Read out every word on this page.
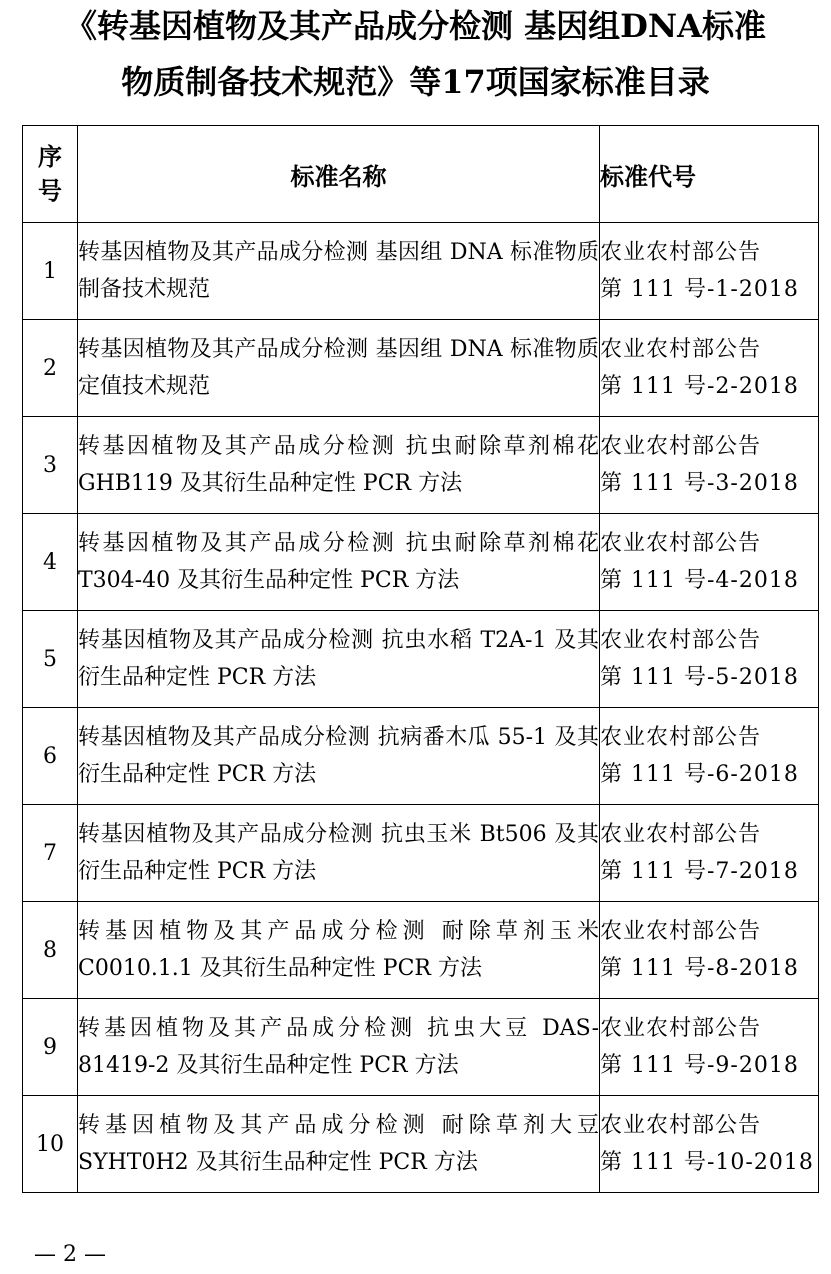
《转基因植物及其产品成分检测 基因组DNA标准
物质制备技术规范》等17项国家标准目录
序号	标准名称	标准代号
1	转基因植物及其产品成分检测 基因组 DNA 标准物质制备技术规范	农业农村部公告
第 111 号-1-2018
2	转基因植物及其产品成分检测 基因组 DNA 标准物质定值技术规范	农业农村部公告
第 111 号-2-2018
3	转基因植物及其产品成分检测 抗虫耐除草剂棉花 GHB119 及其衍生品种定性 PCR 方法	农业农村部公告
第 111 号-3-2018
4	转基因植物及其产品成分检测 抗虫耐除草剂棉花 T304-40 及其衍生品种定性 PCR 方法	农业农村部公告
第 111 号-4-2018
5	转基因植物及其产品成分检测 抗虫水稻 T2A-1 及其衍生品种定性 PCR 方法	农业农村部公告
第 111 号-5-2018
6	转基因植物及其产品成分检测 抗病番木瓜 55-1 及其衍生品种定性 PCR 方法	农业农村部公告
第 111 号-6-2018
7	转基因植物及其产品成分检测 抗虫玉米 Bt506 及其衍生品种定性 PCR 方法	农业农村部公告
第 111 号-7-2018
8	转基因植物及其产品成分检测 耐除草剂玉米 C0010.1.1 及其衍生品种定性 PCR 方法	农业农村部公告
第 111 号-8-2018
9	转基因植物及其产品成分检测 抗虫大豆 DAS-81419-2 及其衍生品种定性 PCR 方法	农业农村部公告
第 111 号-9-2018
10	转基因植物及其产品成分检测 耐除草剂大豆 SYHT0H2 及其衍生品种定性 PCR 方法	农业农村部公告
第 111 号-10-2018
— 2 —
